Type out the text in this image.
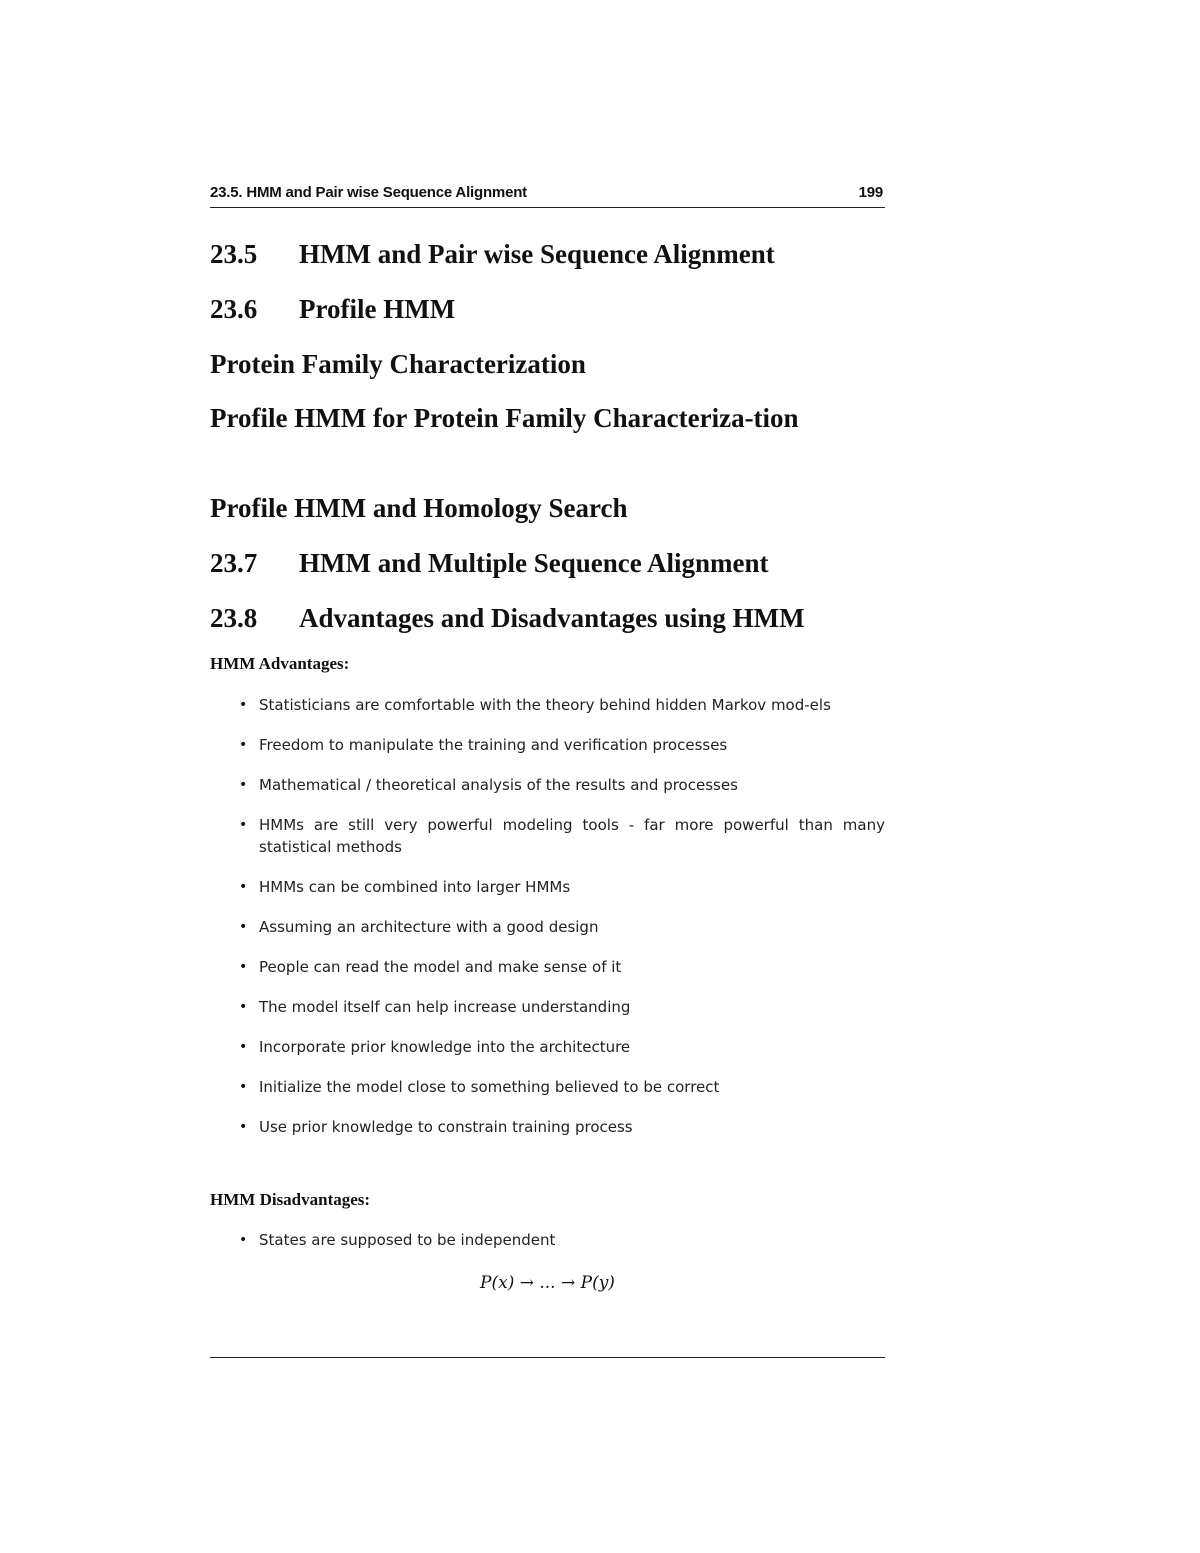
23.5. HMM and Pair wise Sequence Alignment	199
23.5 HMM and Pair wise Sequence Alignment
23.6 Profile HMM
Protein Family Characterization
Profile HMM for Protein Family Characteriza-tion
Profile HMM and Homology Search
23.7 HMM and Multiple Sequence Alignment
23.8 Advantages and Disadvantages using HMM
HMM Advantages:
• Statisticians are comfortable with the theory behind hidden Markov mod-els
• Freedom to manipulate the training and verification processes
• Mathematical / theoretical analysis of the results and processes
• HMMs are still very powerful modeling tools - far more powerful than many statistical methods
• HMMs can be combined into larger HMMs
• Assuming an architecture with a good design
• People can read the model and make sense of it
• The model itself can help increase understanding
• Incorporate prior knowledge into the architecture
• Initialize the model close to something believed to be correct
• Use prior knowledge to constrain training process
HMM Disadvantages:
• States are supposed to be independent
P(x) → ... → P(y)
